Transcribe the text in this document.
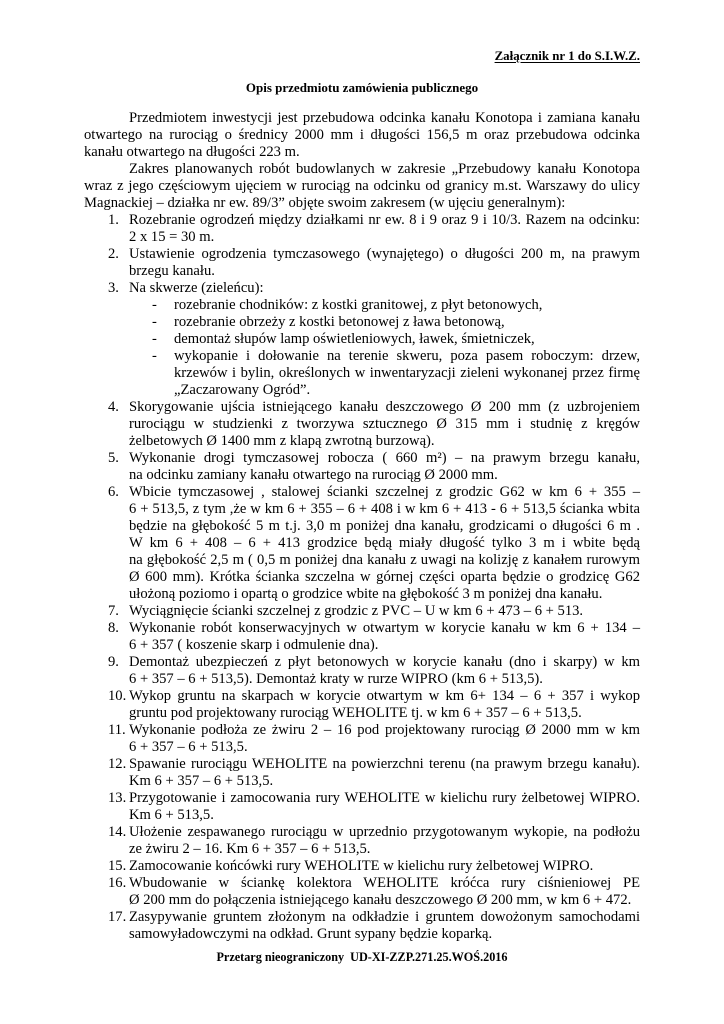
Załącznik nr 1 do S.I.W.Z.
Opis przedmiotu zamówienia publicznego
Przedmiotem inwestycji jest przebudowa odcinka kanału Konotopa i zamiana kanału
otwartego na rurociąg o średnicy 2000 mm i długości 156,5 m oraz przebudowa odcinka
kanału otwartego na długości 223 m.
Zakres planowanych robót budowlanych w zakresie „Przebudowy kanału Konotopa
wraz z jego częściowym ujęciem w rurociąg na odcinku od granicy m.st. Warszawy do ulicy
Magnackiej – działka nr ew. 89/3” objęte swoim zakresem (w ujęciu generalnym):
1. Rozebranie ogrodzeń między działkami nr ew. 8 i 9 oraz 9 i 10/3. Razem na odcinku:
2 x 15 = 30 m.
2. Ustawienie ogrodzenia tymczasowego (wynajętego) o długości 200 m, na prawym
brzegu kanału.
3. Na skwerze (zieleńcu):
- rozebranie chodników: z kostki granitowej, z płyt betonowych,
- rozebranie obrzeży z kostki betonowej z ława betonową,
- demontaż słupów lamp oświetleniowych, ławek, śmietniczek,
- wykopanie i dołowanie na terenie skweru, poza pasem roboczym: drzew,
krzewów i bylin, określonych w inwentaryzacji zieleni wykonanej przez firmę
„Zaczarowany Ogród”.
4. Skorygowanie ujścia istniejącego kanału deszczowego Ø 200 mm (z uzbrojeniem
rurociągu w studzienki z tworzywa sztucznego Ø 315 mm i studnię z kręgów
żelbetowych Ø 1400 mm z klapą zwrotną burzową).
5. Wykonanie drogi tymczasowej robocza ( 660 m²) – na prawym brzegu kanału,
na odcinku zamiany kanału otwartego na rurociąg Ø 2000 mm.
6. Wbicie tymczasowej , stalowej ścianki szczelnej z grodzic G62 w km 6 + 355 –
6 + 513,5, z tym ,że w km 6 + 355 – 6 + 408 i w km 6 + 413 - 6 + 513,5 ścianka wbita
będzie na głębokość 5 m t.j. 3,0 m poniżej dna kanału, grodzicami o długości 6 m .
W km 6 + 408 – 6 + 413 grodzice będą miały długość tylko 3 m i wbite będą
na głębokość 2,5 m ( 0,5 m poniżej dna kanału z uwagi na kolizję z kanałem rurowym
Ø 600 mm). Krótka ścianka szczelna w górnej części oparta będzie o grodzicę G62
ułożoną poziomo i opartą o grodzice wbite na głębokość 3 m poniżej dna kanału.
7. Wyciągnięcie ścianki szczelnej z grodzic z PVC – U w km 6 + 473 – 6 + 513.
8. Wykonanie robót konserwacyjnych w otwartym w korycie kanału w km 6 + 134 –
6 + 357 ( koszenie skarp i odmulenie dna).
9. Demontaż ubezpieczeń z płyt betonowych w korycie kanału (dno i skarpy) w km
6 + 357 – 6 + 513,5). Demontaż kraty w rurze WIPRO (km 6 + 513,5).
10. Wykop gruntu na skarpach w korycie otwartym w km 6+ 134 – 6 + 357 i wykop
gruntu pod projektowany rurociąg WEHOLITE tj. w km 6 + 357 – 6 + 513,5.
11. Wykonanie podłoża ze żwiru 2 – 16 pod projektowany rurociąg Ø 2000 mm w km
6 + 357 – 6 + 513,5.
12. Spawanie rurociągu WEHOLITE na powierzchni terenu (na prawym brzegu kanału).
Km 6 + 357 – 6 + 513,5.
13. Przygotowanie i zamocowania rury WEHOLITE w kielichu rury żelbetowej WIPRO.
Km 6 + 513,5.
14. Ułożenie zespawanego rurociągu w uprzednio przygotowanym wykopie, na podłożu
ze żwiru 2 – 16. Km 6 + 357 – 6 + 513,5.
15. Zamocowanie końcówki rury WEHOLITE w kielichu rury żelbetowej WIPRO.
16. Wbudowanie w ściankę kolektora WEHOLITE króćca rury ciśnieniowej PE
Ø 200 mm do połączenia istniejącego kanału deszczowego Ø 200 mm, w km 6 + 472.
17. Zasypywanie gruntem złożonym na odkładzie i gruntem dowożonym samochodami
samowyładowczymi na odkład. Grunt sypany będzie koparką.
Przetarg nieograniczony  UD-XI-ZZP.271.25.WOŚ.2016
